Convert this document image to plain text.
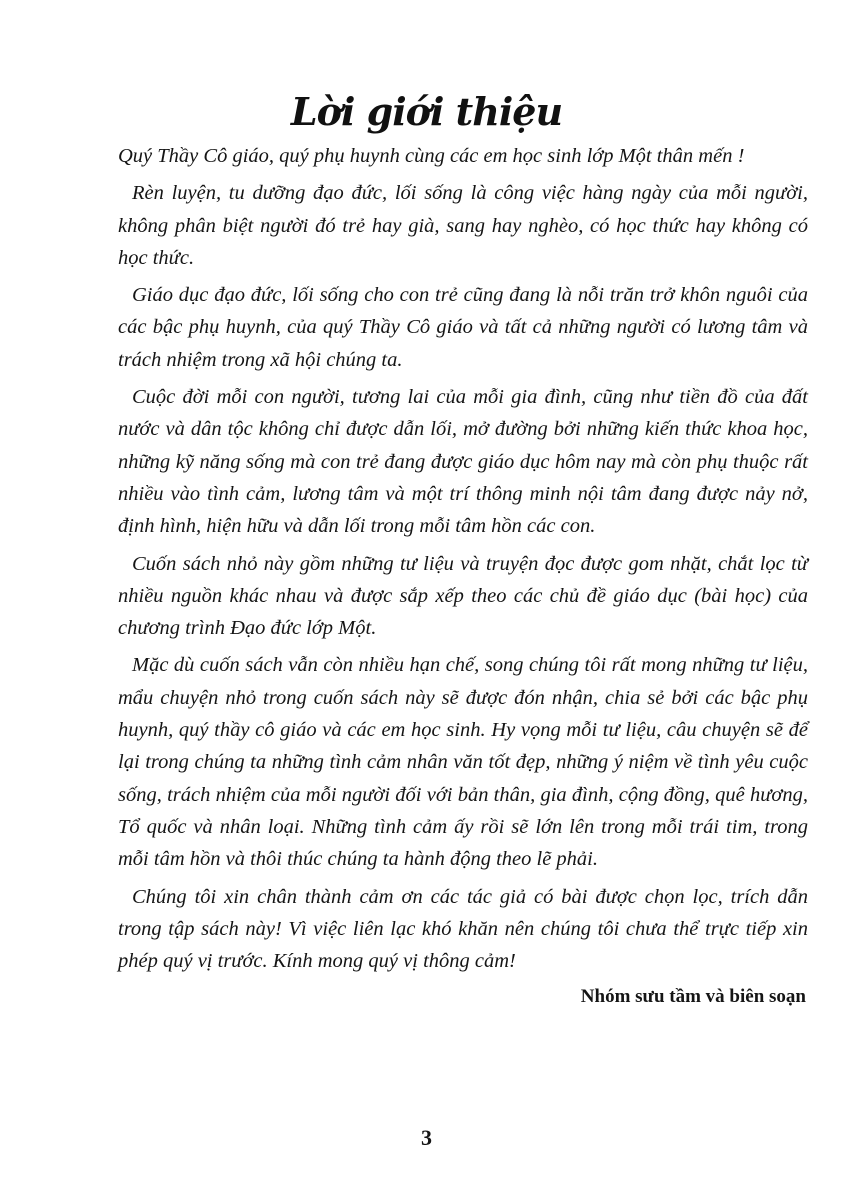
Lời giới thiệu

Quý Thầy Cô giáo, quý phụ huynh cùng các em học sinh lớp Một thân mến !

Rèn luyện, tu dưỡng đạo đức, lối sống là công việc hàng ngày của mỗi người, không phân biệt người đó trẻ hay già, sang hay nghèo, có học thức hay không có học thức.

Giáo dục đạo đức, lối sống cho con trẻ cũng đang là nỗi trăn trở khôn nguôi của các bậc phụ huynh, của quý Thầy Cô giáo và tất cả những người có lương tâm và trách nhiệm trong xã hội chúng ta.

Cuộc đời mỗi con người, tương lai của mỗi gia đình, cũng như tiền đồ của đất nước và dân tộc không chỉ được dẫn lối, mở đường bởi những kiến thức khoa học, những kỹ năng sống mà con trẻ đang được giáo dục hôm nay mà còn phụ thuộc rất nhiều vào tình cảm, lương tâm và một trí thông minh nội tâm đang được nảy nở, định hình, hiện hữu và dẫn lối trong mỗi tâm hồn các con.

Cuốn sách nhỏ này gồm những tư liệu và truyện đọc được gom nhặt, chắt lọc từ nhiều nguồn khác nhau và được sắp xếp theo các chủ đề giáo dục (bài học) của chương trình Đạo đức lớp Một.

Mặc dù cuốn sách vẫn còn nhiều hạn chế, song chúng tôi rất mong những tư liệu, mẩu chuyện nhỏ trong cuốn sách này sẽ được đón nhận, chia sẻ bởi các bậc phụ huynh, quý thầy cô giáo và các em học sinh. Hy vọng mỗi tư liệu, câu chuyện sẽ để lại trong chúng ta những tình cảm nhân văn tốt đẹp, những ý niệm về tình yêu cuộc sống, trách nhiệm của mỗi người đối với bản thân, gia đình, cộng đồng, quê hương, Tổ quốc và nhân loại. Những tình cảm ấy rồi sẽ lớn lên trong mỗi trái tim, trong mỗi tâm hồn và thôi thúc chúng ta hành động theo lẽ phải.

Chúng tôi xin chân thành cảm ơn các tác giả có bài được chọn lọc, trích dẫn trong tập sách này! Vì việc liên lạc khó khăn nên chúng tôi chưa thể trực tiếp xin phép quý vị trước. Kính mong quý vị thông cảm!

Nhóm sưu tầm và biên soạn
3
